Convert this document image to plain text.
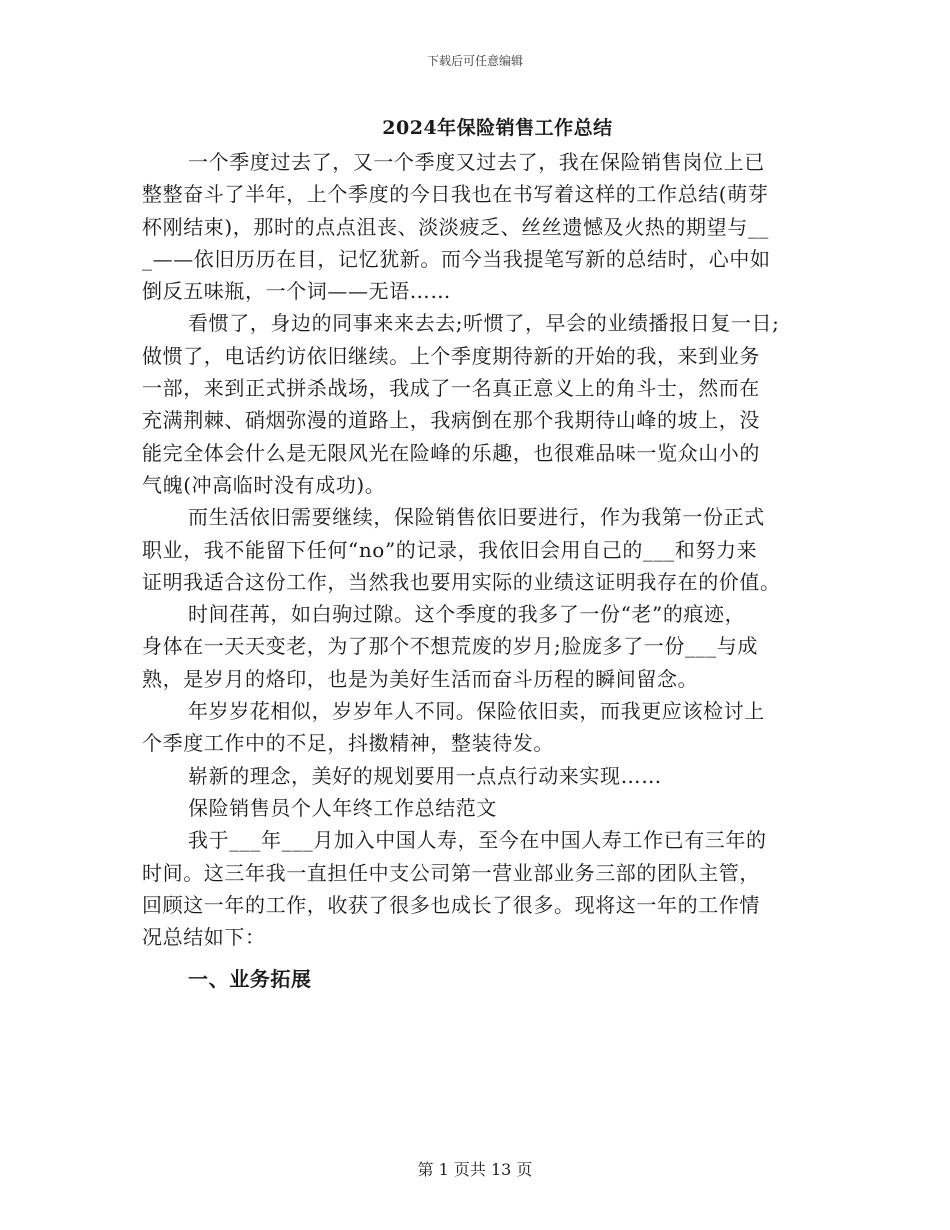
下载后可任意编辑
2024年保险销售工作总结
一个季度过去了，又一个季度又过去了，我在保险销售岗位上已
整整奋斗了半年，上个季度的今日我也在书写着这样的工作总结(萌芽
杯刚结束)，那时的点点沮丧、淡淡疲乏、丝丝遗憾及火热的期望与__
_——依旧历历在目，记忆犹新。而今当我提笔写新的总结时，心中如
倒反五味瓶，一个词——无语……
看惯了，身边的同事来来去去;听惯了，早会的业绩播报日复一日;
做惯了，电话约访依旧继续。上个季度期待新的开始的我，来到业务
一部，来到正式拼杀战场，我成了一名真正意义上的角斗士，然而在
充满荆棘、硝烟弥漫的道路上，我病倒在那个我期待山峰的坡上，没
能完全体会什么是无限风光在险峰的乐趣，也很难品味一览众山小的
气魄(冲高临时没有成功)。
而生活依旧需要继续，保险销售依旧要进行，作为我第一份正式
职业，我不能留下任何“no”的记录，我依旧会用自己的___和努力来
证明我适合这份工作，当然我也要用实际的业绩这证明我存在的价值。
时间荏苒，如白驹过隙。这个季度的我多了一份“老”的痕迹，
身体在一天天变老，为了那个不想荒废的岁月;脸庞多了一份___与成
熟，是岁月的烙印，也是为美好生活而奋斗历程的瞬间留念。
年岁岁花相似，岁岁年人不同。保险依旧卖，而我更应该检讨上
个季度工作中的不足，抖擞精神，整装待发。
崭新的理念，美好的规划要用一点点行动来实现……
保险销售员个人年终工作总结范文
我于___年___月加入中国人寿，至今在中国人寿工作已有三年的
时间。这三年我一直担任中支公司第一营业部业务三部的团队主管，
回顾这一年的工作，收获了很多也成长了很多。现将这一年的工作情
况总结如下：
一、业务拓展
第 1 页共 13 页
